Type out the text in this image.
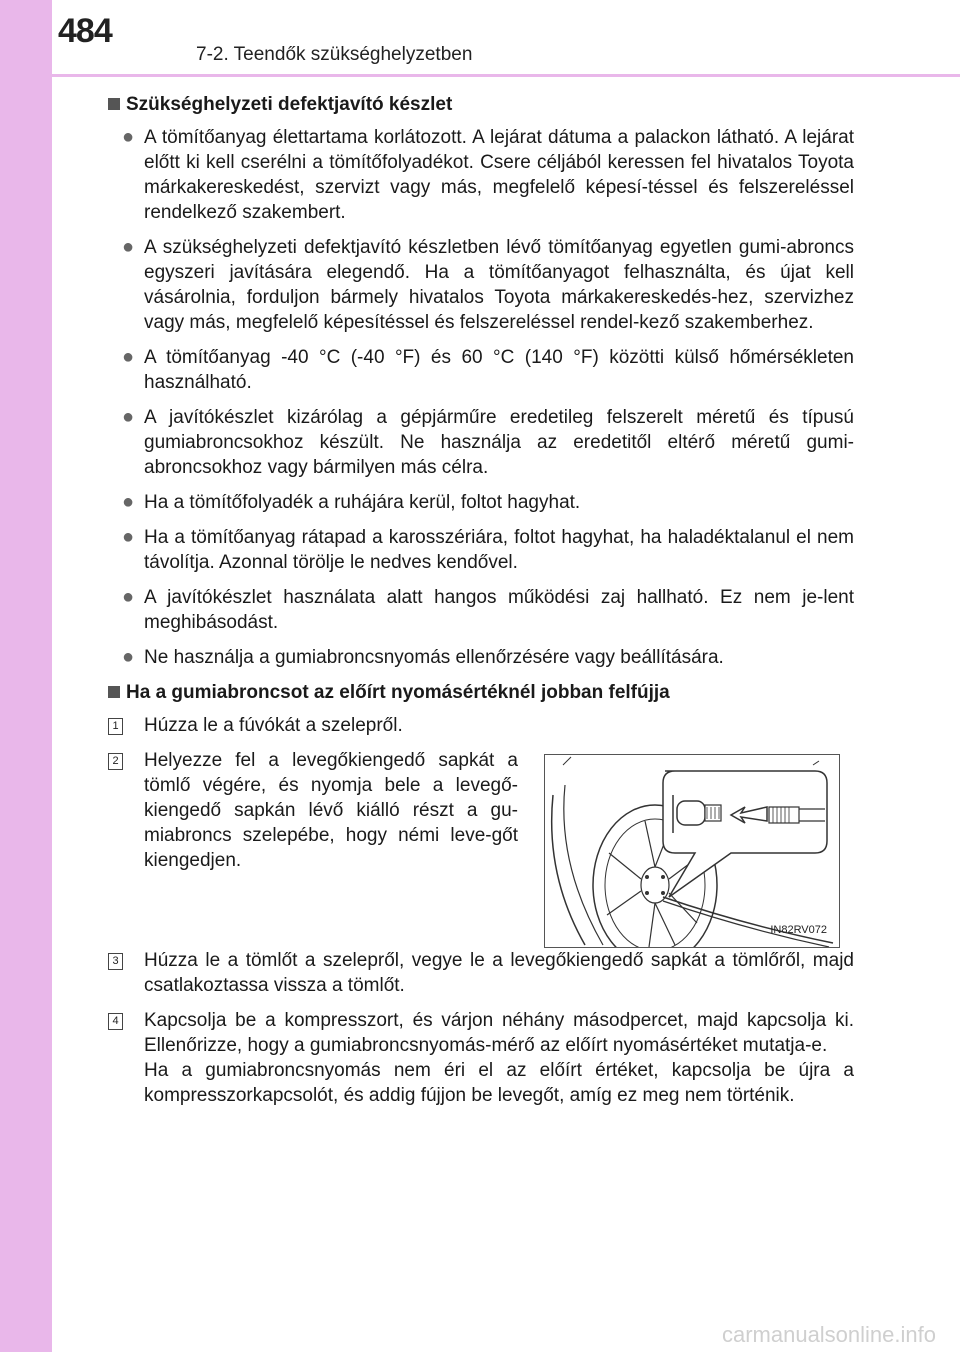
484
7-2. Teendők szükséghelyzetben
Szükséghelyzeti defektjavító készlet
● A tömítőanyag élettartama korlátozott. A lejárat dátuma a palackon látható. A lejárat előtt ki kell cserélni a tömítőfolyadékot. Csere céljából keressen fel hivatalos Toyota márkakereskedést, szervizt vagy más, megfelelő képesí-téssel és felszereléssel rendelkező szakembert.
● A szükséghelyzeti defektjavító készletben lévő tömítőanyag egyetlen gumi-abroncs egyszeri javítására elegendő. Ha a tömítőanyagot felhasználta, és újat kell vásárolnia, forduljon bármely hivatalos Toyota márkakereskedés-hez, szervizhez vagy más, megfelelő képesítéssel és felszereléssel rendel-kező szakemberhez.
● A tömítőanyag -40 °C (-40 °F) és 60 °C (140 °F) közötti külső hőmérsékleten használható.
● A javítókészlet kizárólag a gépjárműre eredetileg felszerelt méretű és típusú gumiabroncsokhoz készült. Ne használja az eredetitől eltérő méretű gumi-abroncsokhoz vagy bármilyen más célra.
● Ha a tömítőfolyadék a ruhájára kerül, foltot hagyhat.
● Ha a tömítőanyag rátapad a karosszériára, foltot hagyhat, ha haladéktalanul el nem távolítja. Azonnal törölje le nedves kendővel.
● A javítókészlet használata alatt hangos működési zaj hallható. Ez nem je-lent meghibásodást.
● Ne használja a gumiabroncsnyomás ellenőrzésére vagy beállítására.
Ha a gumiabroncsot az előírt nyomásértéknél jobban felfújja
1 Húzza le a fúvókát a szelepről.
2 Helyezze fel a levegőkiengedő sapkát a tömlő végére, és nyomja bele a levegő-kiengedő sapkán lévő kiálló részt a gu-miabroncs szelepébe, hogy némi leve-gőt kiengedjen.
IN82RV072
3 Húzza le a tömlőt a szelepről, vegye le a levegőkiengedő sapkát a tömlőről, majd csatlakoztassa vissza a tömlőt.
4 Kapcsolja be a kompresszort, és várjon néhány másodpercet, majd kapcsolja ki. Ellenőrizze, hogy a gumiabroncsnyomás-mérő az előírt nyomásértéket mutatja-e.
Ha a gumiabroncsnyomás nem éri el az előírt értéket, kapcsolja be újra a kompresszorkapcsolót, és addig fújjon be levegőt, amíg ez meg nem történik.
carmanualsonline.info
